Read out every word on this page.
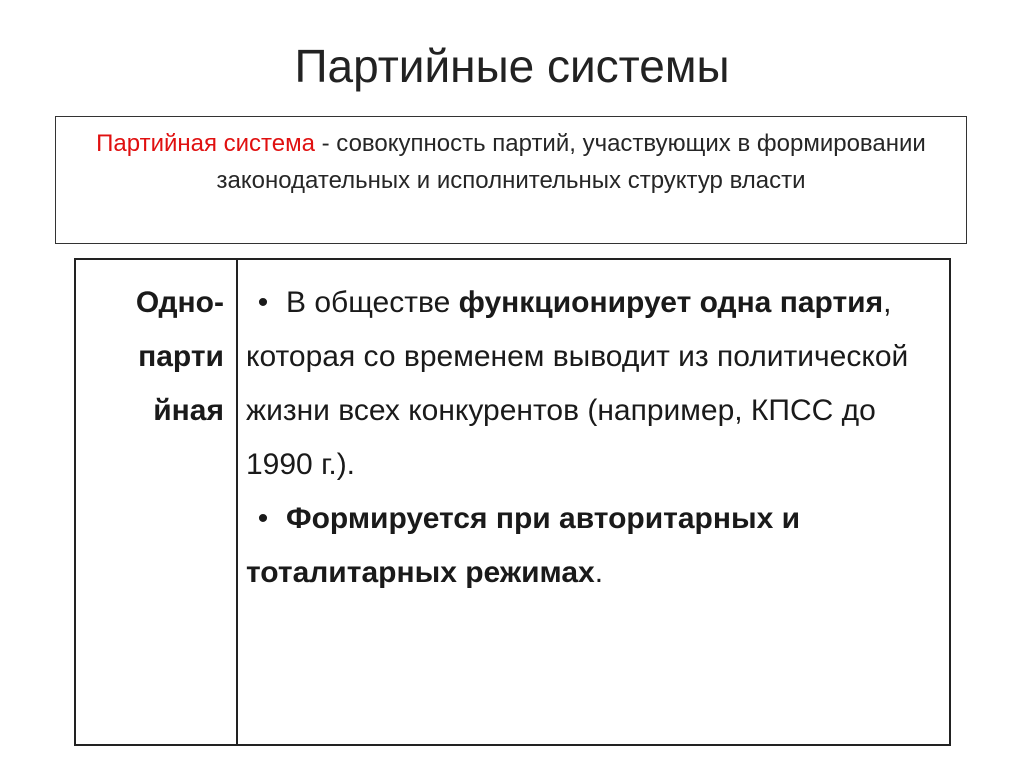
Партийные системы
Партийная система - совокупность партий, участвующих в формировании законодательных и исполнительных структур власти
Одно-
парти
йная
• В обществе функционирует одна партия, которая со временем выводит из политической жизни всех конкурентов (например, КПСС до 1990 г.).
• Формируется при авторитарных и тоталитарных режимах.
